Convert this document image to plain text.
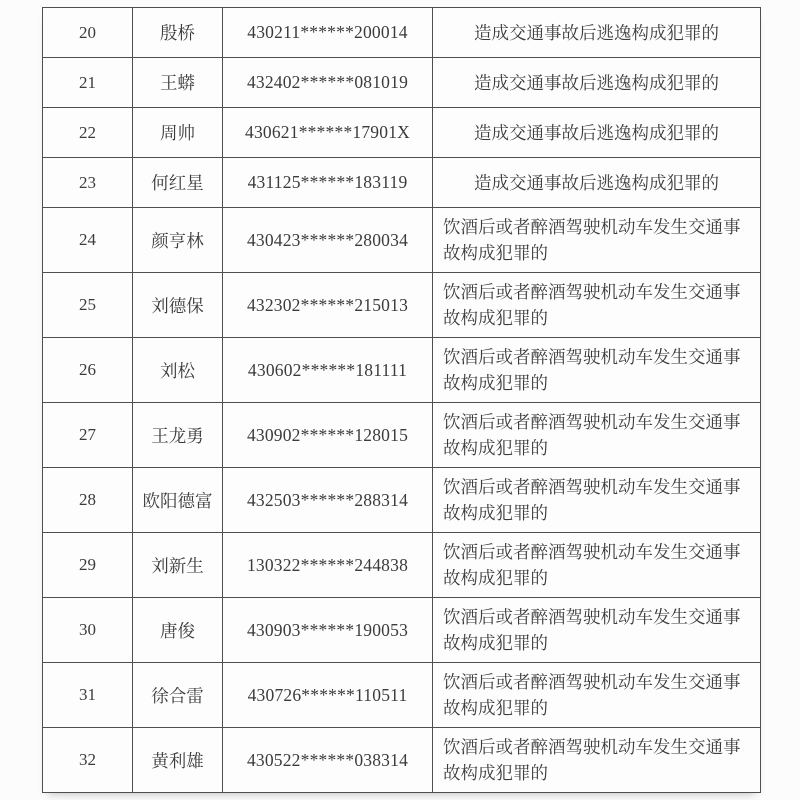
20	殷桥	430211******200014	造成交通事故后逃逸构成犯罪的
21	王蟒	432402******081019	造成交通事故后逃逸构成犯罪的
22	周帅	430621******17901X	造成交通事故后逃逸构成犯罪的
23	何红星	431125******183119	造成交通事故后逃逸构成犯罪的
24	颜亨林	430423******280034	饮酒后或者醉酒驾驶机动车发生交通事故构成犯罪的
25	刘德保	432302******215013	饮酒后或者醉酒驾驶机动车发生交通事故构成犯罪的
26	刘松	430602******181111	饮酒后或者醉酒驾驶机动车发生交通事故构成犯罪的
27	王龙勇	430902******128015	饮酒后或者醉酒驾驶机动车发生交通事故构成犯罪的
28	欧阳德富	432503******288314	饮酒后或者醉酒驾驶机动车发生交通事故构成犯罪的
29	刘新生	130322******244838	饮酒后或者醉酒驾驶机动车发生交通事故构成犯罪的
30	唐俊	430903******190053	饮酒后或者醉酒驾驶机动车发生交通事故构成犯罪的
31	徐合雷	430726******110511	饮酒后或者醉酒驾驶机动车发生交通事故构成犯罪的
32	黄利雄	430522******038314	饮酒后或者醉酒驾驶机动车发生交通事故构成犯罪的
